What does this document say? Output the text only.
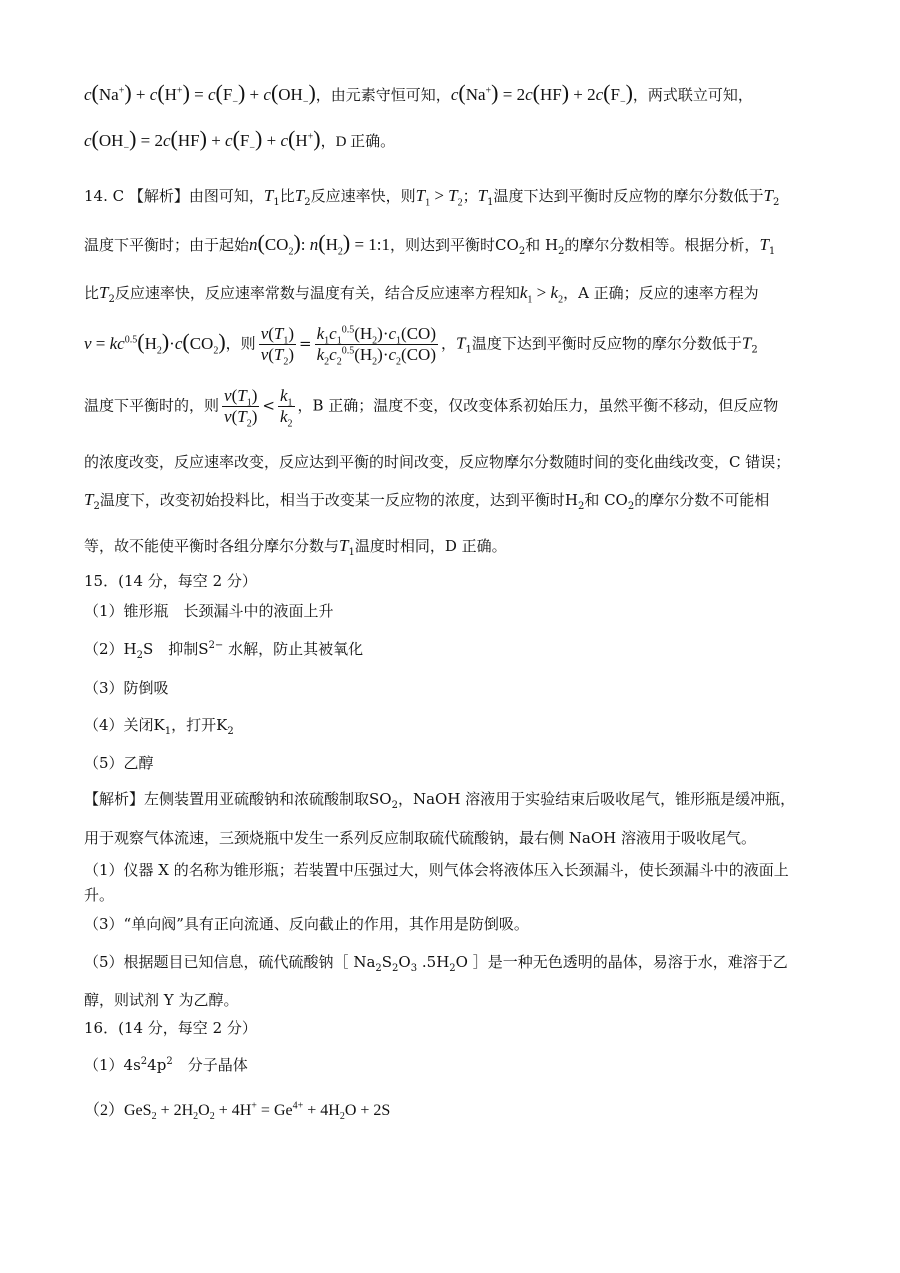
$c(Na^+) + c(H^+) = c(F_-) + c(OH_-)$，由元素守恒可知，$c(Na^+) = 2c(HF) + 2c(F_-)$，两式联立可知，
$c(OH_-) = 2c(HF) + c(F_-) + c(H^+)$，D 正确。
14. C 【解析】由图可知，$T_1$比$T_2$反应速率快，则$T_1 > T_2$；$T_1$温度下达到平衡时反应物的摩尔分数低于$T_2$
温度下平衡时；由于起始$n(CO_2)$: $n(H_2)$ = 1:1，则达到平衡时$CO_2$和 $H_2$的摩尔分数相等。根据分析，$T_1$
比$T_2$反应速率快，反应速率常数与温度有关，结合反应速率方程知$k_1 > k_2$，A 正确；反应的速率方程为
$v = kc^{0.5}(H_2)\cdot c(CO_2)$，则 $\frac{v(T_1)}{v(T_2)} = \frac{k_1c_1^{0.5}(H_2)\cdot c_1(CO)}{k_2c_2^{0.5}(H_2)\cdot c_2(CO)}$ ，$T_1$温度下达到平衡时反应物的摩尔分数低于$T_2$
温度下平衡时的，则 $\frac{v(T_1)}{v(T_2)} < \frac{k_1}{k_2}$ ，B 正确；温度不变，仅改变体系初始压力，虽然平衡不移动，但反应物
的浓度改变，反应速率改变，反应达到平衡的时间改变，反应物摩尔分数随时间的变化曲线改变，C 错误；
$T_2$温度下，改变初始投料比，相当于改变某一反应物的浓度，达到平衡时$H_2$和 $CO_2$的摩尔分数不可能相
等，故不能使平衡时各组分摩尔分数与$T_1$温度时相同，D 正确。
15．(14 分，每空 2 分）
（1）锥形瓶　长颈漏斗中的液面上升
$(2)H_2S$　抑制$S^{2-}$ 水解，防止其被氧化
（3）防倒吸
（4）关闭$K_1$，打开$K_2$
（5）乙醇
【解析】左侧装置用亚硫酸钠和浓硫酸制取$SO_2$，NaOH 溶液用于实验结束后吸收尾气，锥形瓶是缓冲瓶，
用于观察气体流速，三颈烧瓶中发生一系列反应制取硫代硫酸钠，最右侧 NaOH 溶液用于吸收尾气。
（1）仪器 X 的名称为锥形瓶；若装置中压强过大，则气体会将液体压入长颈漏斗，使长颈漏斗中的液面上
升。
（3）“单向阀”具有正向流通、反向截止的作用，其作用是防倒吸。
（5）根据题目已知信息，硫代硫酸钠［ $Na_2S_2O_3$ $.5H_2O$ ］是一种无色透明的晶体，易溶于水，难溶于乙
醇，则试剂 Y 为乙醇。
16．(14 分，每空 2 分）
$(1)4s^24p^2$　分子晶体
$(2)GeS_2 + 2H_2O_2 + 4H^+ = Ge^{4+} + 4H_2O + 2S$
